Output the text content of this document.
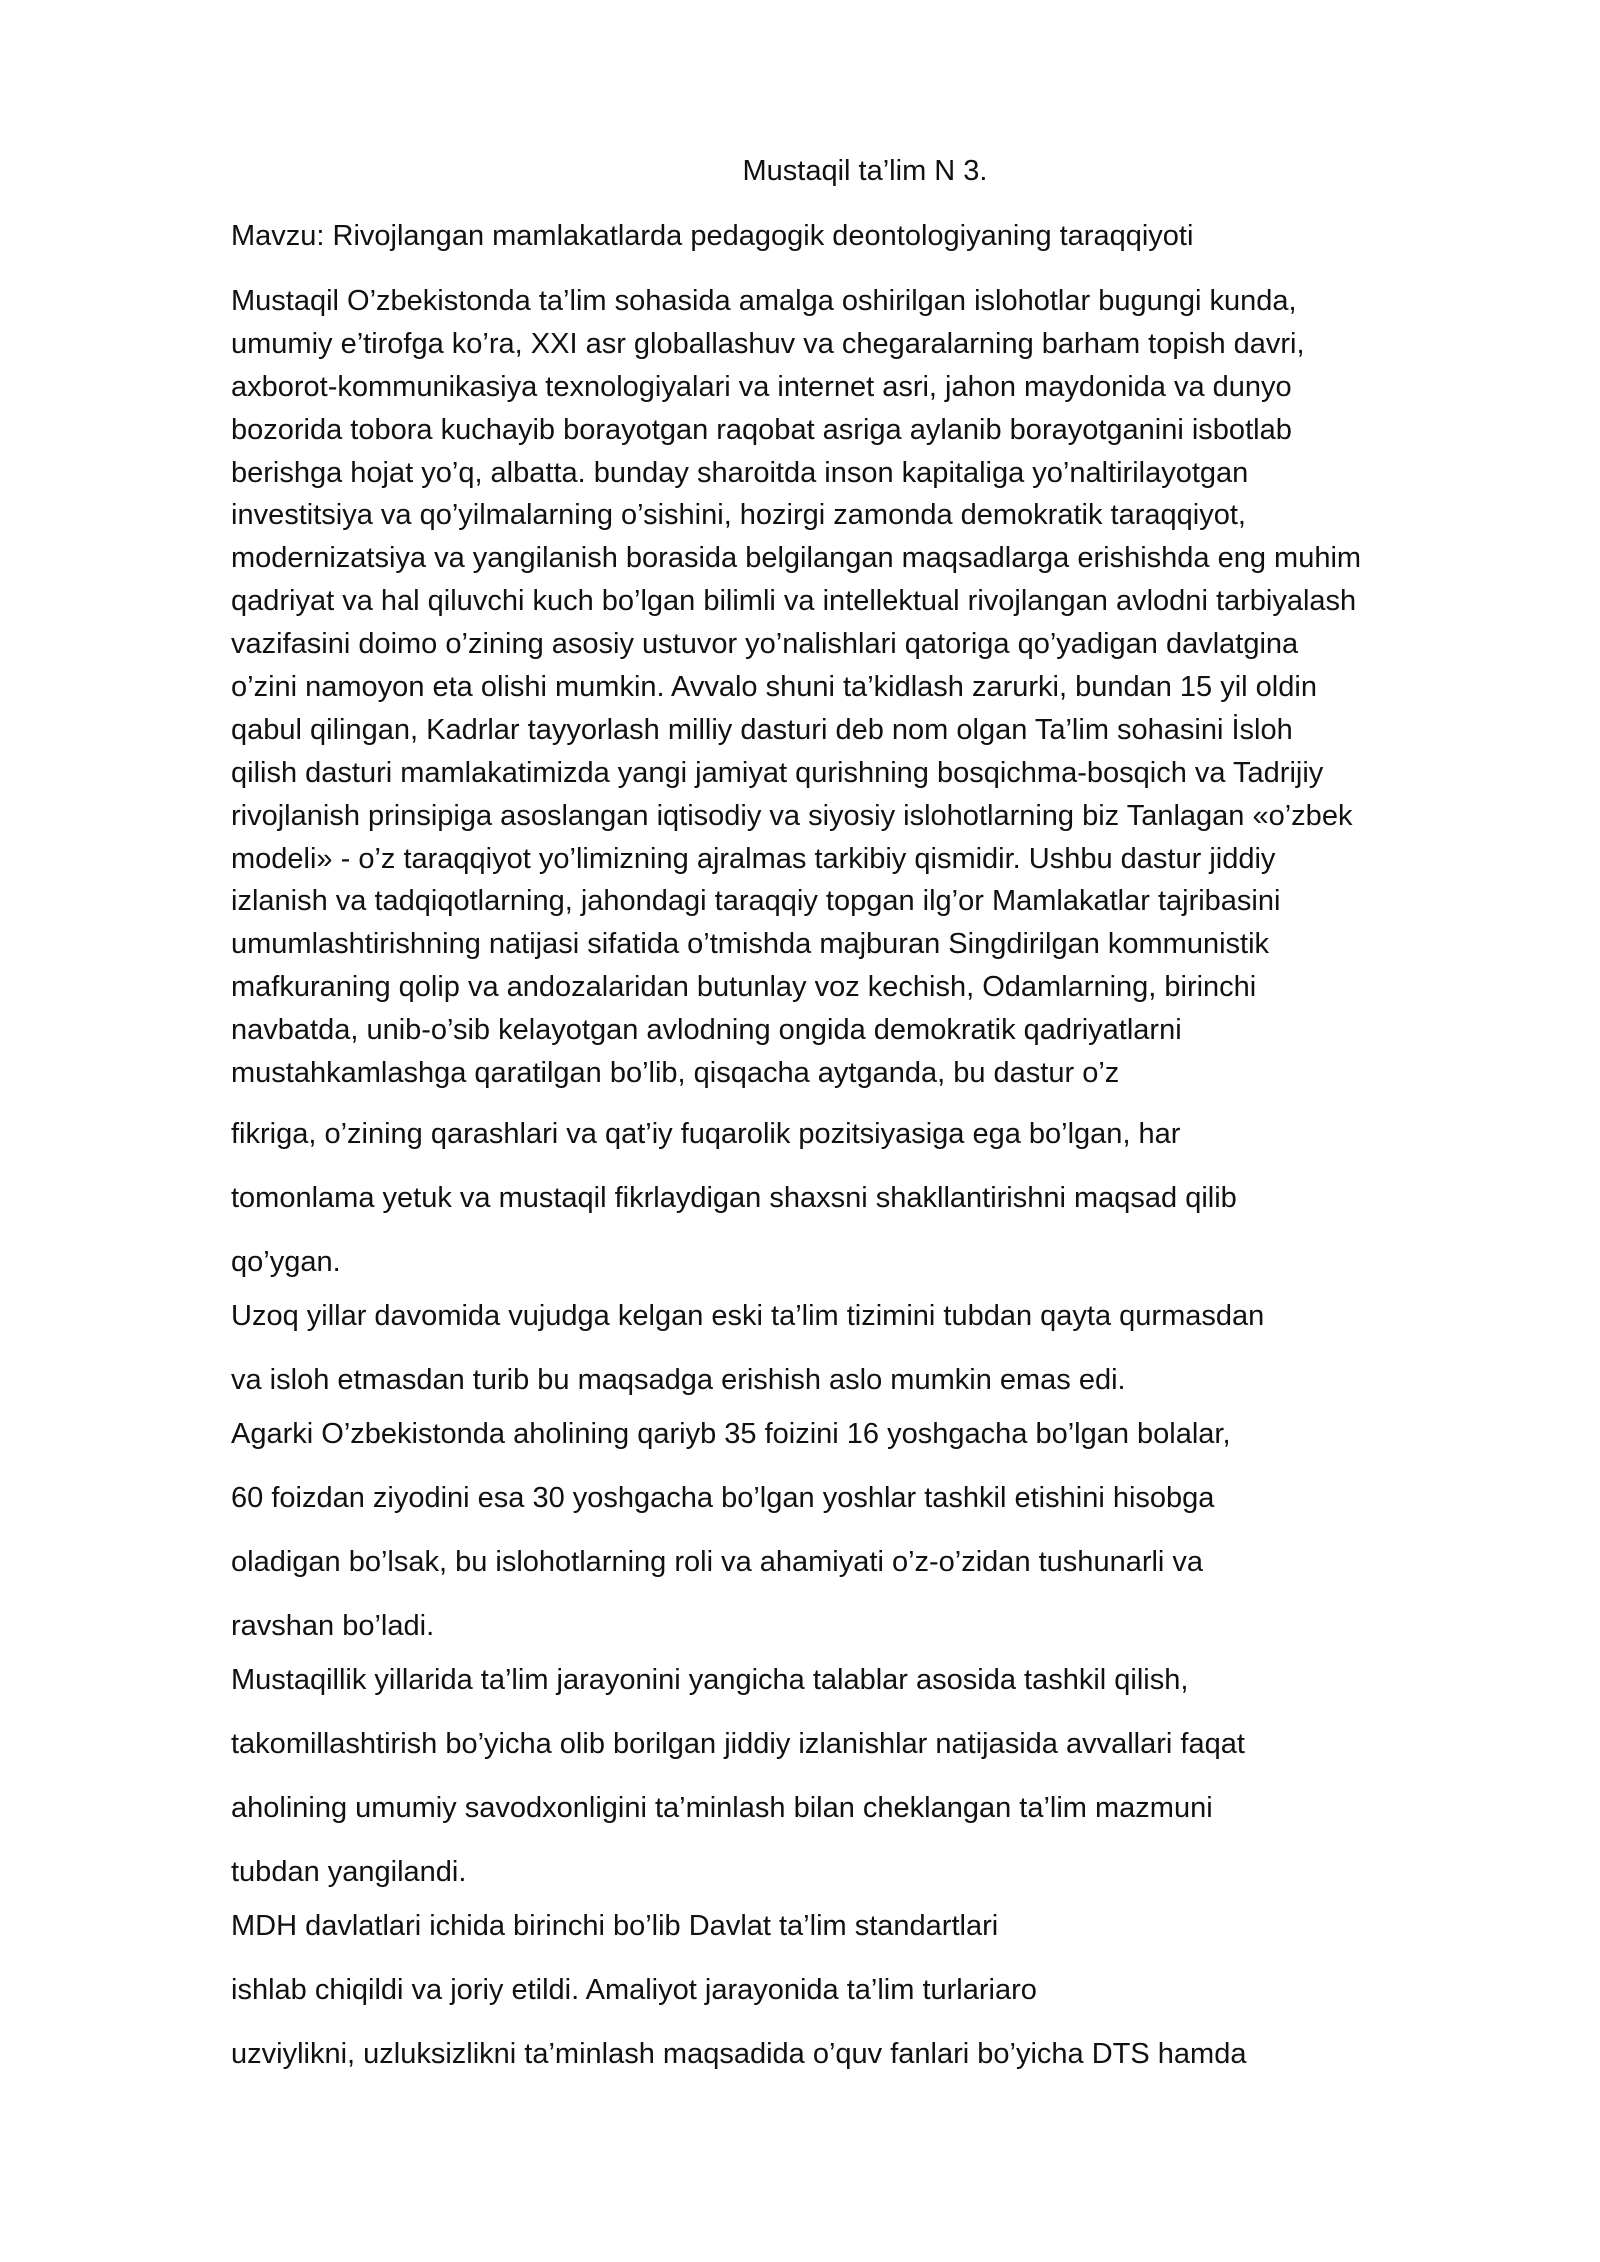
Mustaqil ta’lim N 3.
Mavzu: Rivojlangan mamlakatlarda pedagogik deontologiyaning taraqqiyoti
Mustaqil O’zbekistonda ta’lim sohasida amalga oshirilgan islohotlar bugungi kunda,
umumiy e’tirofga ko’ra, XXI asr globallashuv va chegaralarning barham topish davri,
axborot-kommunikasiya texnologiyalari va internet asri, jahon maydonida va dunyo
bozorida tobora kuchayib borayotgan raqobat asriga aylanib borayotganini isbotlab
berishga hojat yo’q, albatta. bunday sharoitda inson kapitaliga yo’naltirilayotgan
investitsiya va qo’yilmalarning o’sishini, hozirgi zamonda demokratik taraqqiyot,
modernizatsiya va yangilanish borasida belgilangan maqsadlarga erishishda eng muhim
qadriyat va hal qiluvchi kuch bo’lgan bilimli va intellektual rivojlangan avlodni tarbiyalash
vazifasini doimo o’zining asosiy ustuvor yo’nalishlari qatoriga qo’yadigan davlatgina
o’zini namoyon eta olishi mumkin. Avvalo shuni ta’kidlash zarurki, bundan 15 yil oldin
qabul qilingan, Kadrlar tayyorlash milliy dasturi deb nom olgan Ta’lim sohasini İsloh
qilish dasturi mamlakatimizda yangi jamiyat qurishning bosqichma-bosqich va Tadrijiy
rivojlanish prinsipiga asoslangan iqtisodiy va siyosiy islohotlarning biz Tanlagan «o’zbek
modeli» - o’z taraqqiyot yo’limizning ajralmas tarkibiy qismidir. Ushbu dastur jiddiy
izlanish va tadqiqotlarning, jahondagi taraqqiy topgan ilg’or Mamlakatlar tajribasini
umumlashtirishning natijasi sifatida o’tmishda majburan Singdirilgan kommunistik
mafkuraning qolip va andozalaridan butunlay voz kechish, Odamlarning, birinchi
navbatda, unib-o’sib kelayotgan avlodning ongida demokratik qadriyatlarni
mustahkamlashga qaratilgan bo’lib, qisqacha aytganda, bu dastur o’z
fikriga, o’zining qarashlari va qat’iy fuqarolik pozitsiyasiga ega bo’lgan, har
tomonlama yetuk va mustaqil fikrlaydigan shaxsni shakllantirishni maqsad qilib
qo’ygan.
Uzoq yillar davomida vujudga kelgan eski ta’lim tizimini tubdan qayta qurmasdan
va isloh etmasdan turib bu maqsadga erishish aslo mumkin emas edi.
Agarki O’zbekistonda aholining qariyb 35 foizini 16 yoshgacha bo’lgan bolalar,
60 foizdan ziyodini esa 30 yoshgacha bo’lgan yoshlar tashkil etishini hisobga
oladigan bo’lsak, bu islohotlarning roli va ahamiyati o’z-o’zidan tushunarli va
ravshan bo’ladi.
Mustaqillik yillarida ta’lim jarayonini yangicha talablar asosida tashkil qilish,
takomillashtirish bo’yicha olib borilgan jiddiy izlanishlar natijasida avvallari faqat
aholining umumiy savodxonligini ta’minlash bilan cheklangan ta’lim mazmuni
tubdan yangilandi.
MDH davlatlari ichida birinchi bo’lib Davlat ta’lim standartlari
ishlab chiqildi va joriy etildi. Amaliyot jarayonida ta’lim turlariaro
uzviylikni, uzluksizlikni ta’minlash maqsadida o’quv fanlari bo’yicha DTS hamda
